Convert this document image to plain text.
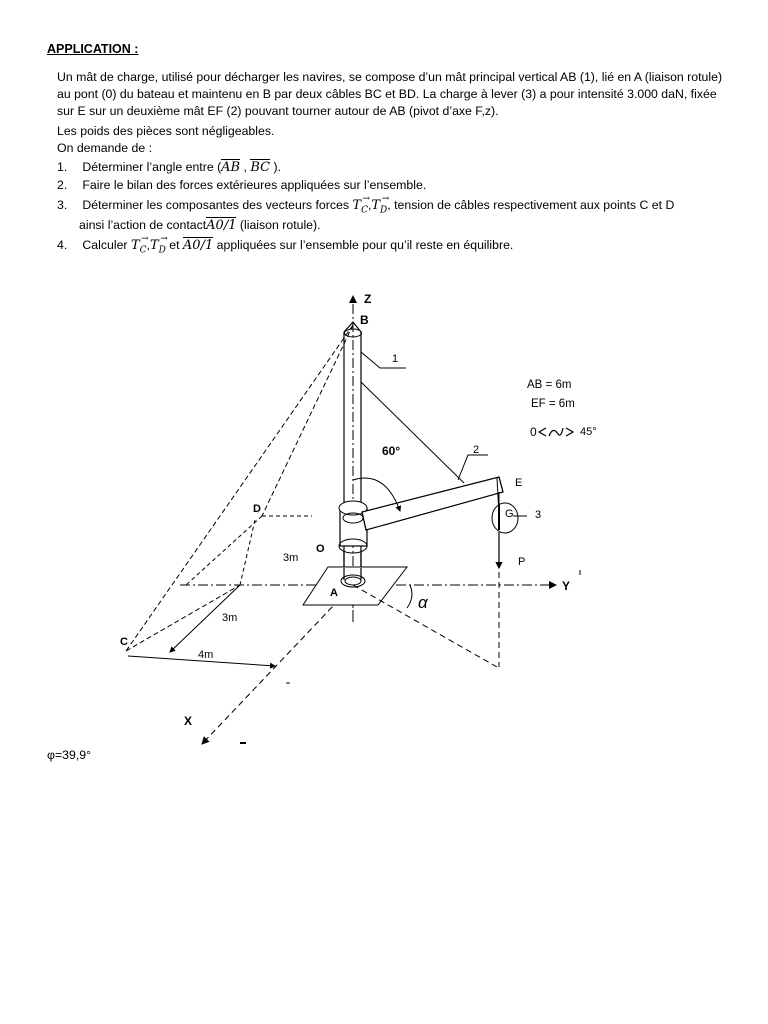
APPLICATION :
Un mât de charge, utilisé pour décharger les navires, se compose d’un mât principal vertical AB (1), lié en A (liaison rotule) au pont (0) du bateau et maintenu en B par deux câbles BC et BD. La charge à lever (3) a pour intensité 3.000 daN, fixée sur E sur un deuxième mât EF (2) pouvant tourner autour de AB (pivot d’axe F,z).
Les poids des pièces sont négligeables.
On demande de :
1. Déterminer l’angle entre (
AB ,
BC ).
2. Faire le bilan des forces extérieures appliquées sur l’ensemble.
3. Déterminer les composantes des vecteurs forces →
$T_C$, →
$T_D$, tension de câbles respectivement aux points C et D
ainsi l’action de contact
A0/1 (liaison rotule).
4. Calculer →
$T_C$, →
$T_D$ et
A0/1 appliquées sur l’ensemble pour qu’il reste en équilibre.
AB = 6m
EF = 6m
0	45°
Z
B
1
60°	2
E
G 3
P
Y
D
O
3m
A	α
3m
C
4m
X
φ=39,9°
